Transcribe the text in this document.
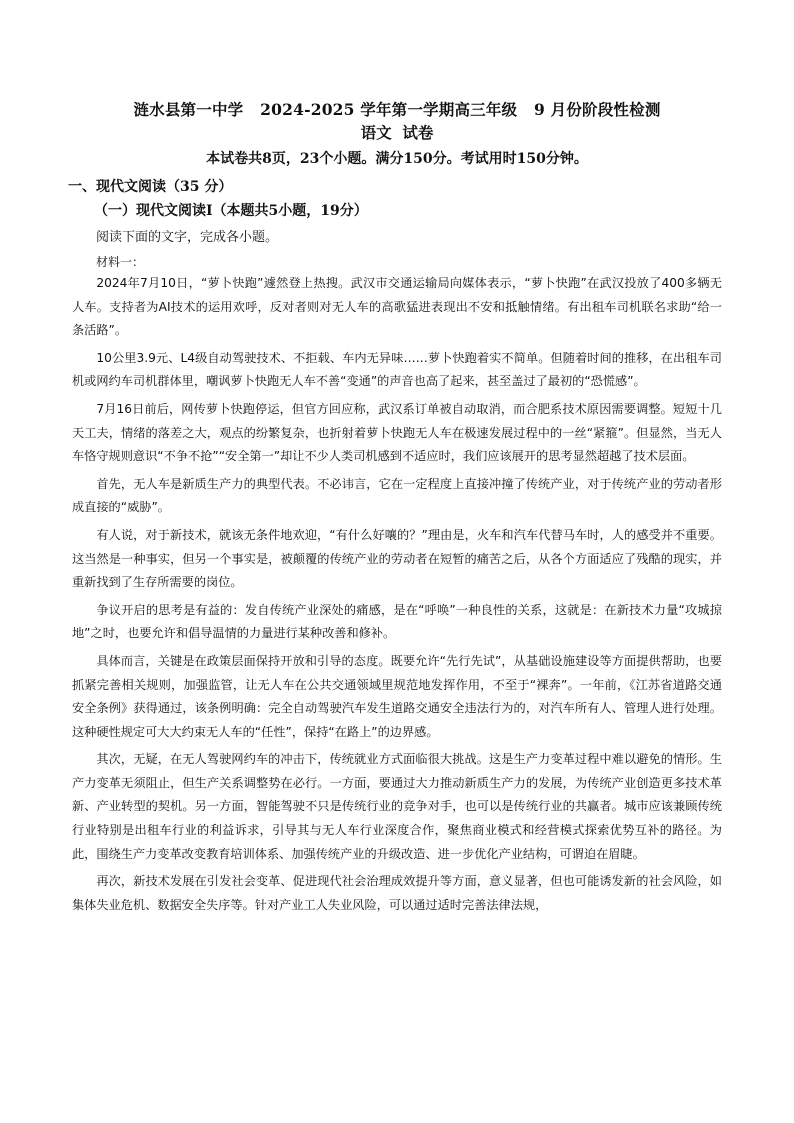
涟水县第一中学   2024-2025 学年第一学期高三年级   9 月份阶段性检测
语文  试卷
本试卷共8页，23个小题。满分150分。考试用时150分钟。
一、现代文阅读（35 分）
（一）现代文阅读Ⅰ（本题共5小题，19分）
阅读下面的文字，完成各小题。
材料一：

2024年7月10日，“萝卜快跑”遽然登上热搜。武汉市交通运输局向媒体表示，“萝卜快跑”在武汉投放了400多辆无人车。支持者为AI技术的运用欢呼，反对者则对无人车的高歌猛进表现出不安和抵触情绪。有出租车司机联名求助“给一条活路”。

10公里3.9元、L4级自动驾驶技术、不拒载、车内无异味……萝卜快跑着实不简单。但随着时间的推移，在出租车司机或网约车司机群体里，嘲讽萝卜快跑无人车不善“变通”的声音也高了起来，甚至盖过了最初的“恐慌感”。

7月16日前后，网传萝卜快跑停运，但官方回应称，武汉系订单被自动取消，而合肥系技术原因需要调整。短短十几天工夫，情绪的落差之大，观点的纷繁复杂，也折射着萝卜快跑无人车在极速发展过程中的一丝“紧箍”。但显然，当无人车恪守规则意识“不争不抢”“安全第一”却让不少人类司机感到不适应时，我们应该展开的思考显然超越了技术层面。

首先，无人车是新质生产力的典型代表。不必讳言，它在一定程度上直接冲撞了传统产业，对于传统产业的劳动者形成直接的“威胁”。

有人说，对于新技术，就该无条件地欢迎，“有什么好嚷的？”理由是，火车和汽车代替马车时，人的感受并不重要。这当然是一种事实，但另一个事实是，被颠覆的传统产业的劳动者在短暂的痛苦之后，从各个方面适应了残酷的现实，并重新找到了生存所需要的岗位。

争议开启的思考是有益的：发自传统产业深处的痛感，是在“呼唤”一种良性的关系，这就是：在新技术力量“攻城掠地”之时，也要允许和倡导温情的力量进行某种改善和修补。

具体而言，关键是在政策层面保持开放和引导的态度。既要允许“先行先试”，从基础设施建设等方面提供帮助，也要抓紧完善相关规则，加强监管，让无人车在公共交通领域里规范地发挥作用，不至于“裸奔”。一年前，《江苏省道路交通安全条例》获得通过，该条例明确：完全自动驾驶汽车发生道路交通安全违法行为的，对汽车所有人、管理人进行处理。这种硬性规定可大大约束无人车的“任性”，保持“在路上”的边界感。

其次，无疑，在无人驾驶网约车的冲击下，传统就业方式面临很大挑战。这是生产力变革过程中难以避免的情形。生产力变革无须阻止，但生产关系调整势在必行。一方面，要通过大力推动新质生产力的发展，为传统产业创造更多技术革新、产业转型的契机。另一方面，智能驾驶不只是传统行业的竞争对手，也可以是传统行业的共赢者。城市应该兼顾传统行业特别是出租车行业的利益诉求，引导其与无人车行业深度合作，聚焦商业模式和经营模式探索优势互补的路径。为此，围绕生产力变革改变教育培训体系、加强传统产业的升级改造、进一步优化产业结构，可谓迫在眉睫。

再次，新技术发展在引发社会变革、促进现代社会治理成效提升等方面，意义显著，但也可能诱发新的社会风险，如集体失业危机、数据安全失序等。针对产业工人失业风险，可以通过适时完善法律法规，
